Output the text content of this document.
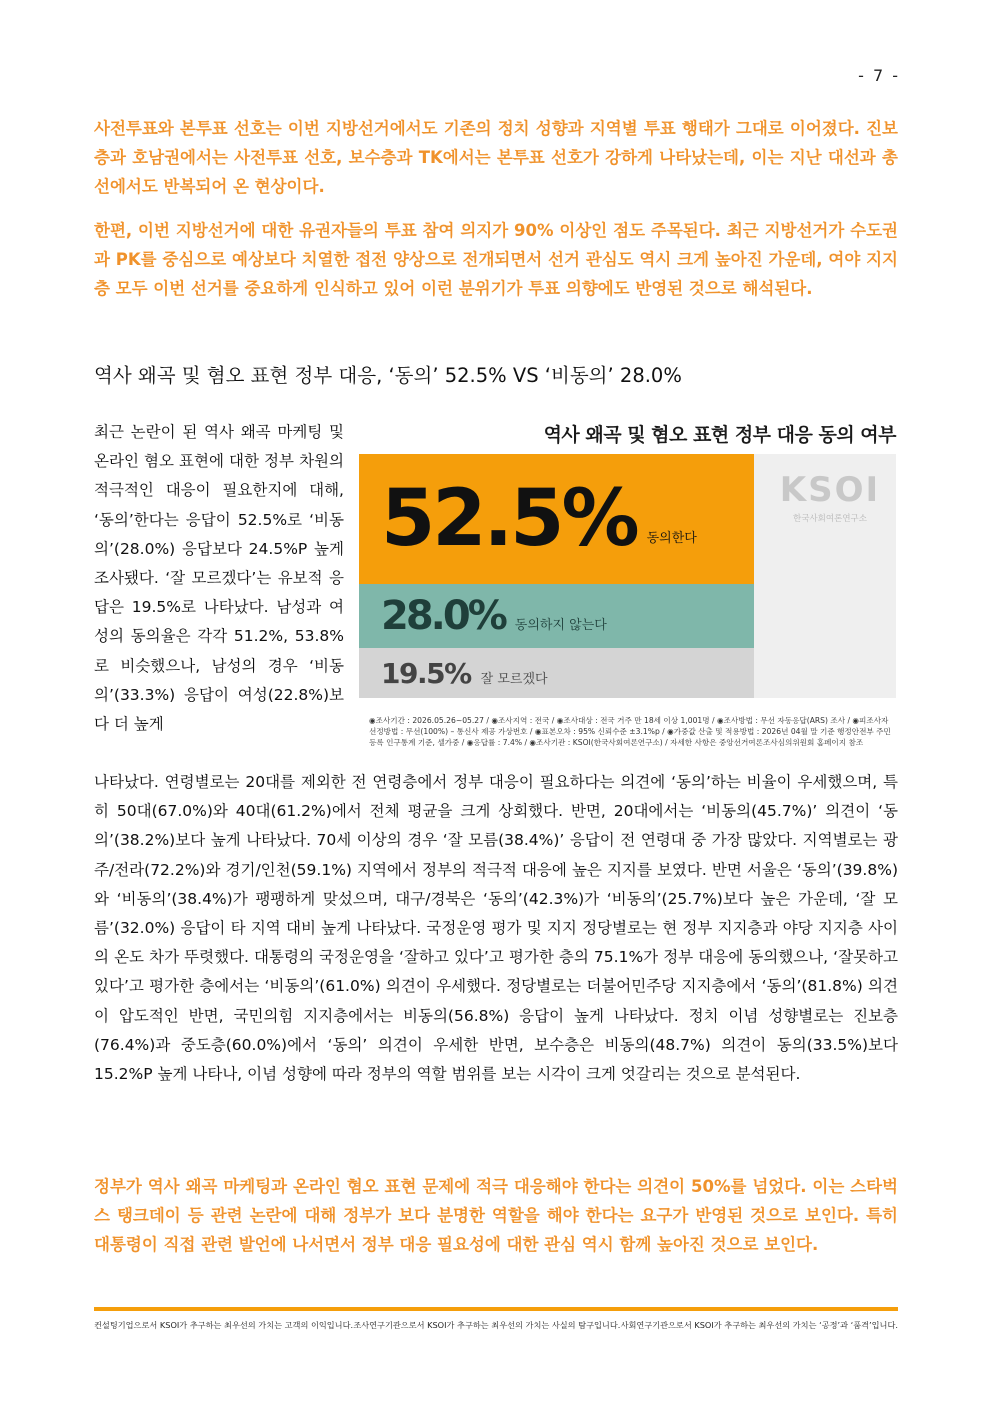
- 7 -

사전투표와 본투표 선호는 이번 지방선거에서도 기존의 정치 성향과 지역별 투표 행태가 그대로 이어졌다. 진보층과 호남권에서는 사전투표 선호, 보수층과 TK에서는 본투표 선호가 강하게 나타났는데, 이는 지난 대선과 총선에서도 반복되어 온 현상이다.

한편, 이번 지방선거에 대한 유권자들의 투표 참여 의지가 90% 이상인 점도 주목된다. 최근 지방선거가 수도권과 PK를 중심으로 예상보다 치열한 접전 양상으로 전개되면서 선거 관심도 역시 크게 높아진 가운데, 여야 지지층 모두 이번 선거를 중요하게 인식하고 있어 이런 분위기가 투표 의향에도 반영된 것으로 해석된다.

역사 왜곡 및 혐오 표현 정부 대응, ‘동의’ 52.5% VS ‘비동의’ 28.0%

최근 논란이 된 역사 왜곡 마케팅 및 온라인 혐오 표현에 대한 정부 차원의 적극적인 대응이 필요한지에 대해, ‘동의’한다는 응답이 52.5%로 ‘비동의’(28.0%) 응답보다 24.5%P 높게 조사됐다. ‘잘 모르겠다’는 유보적 응답은 19.5%로 나타났다. 남성과 여성의 동의율은 각각 51.2%, 53.8%로 비슷했으나, 남성의 경우 ‘비동의’(33.3%) 응답이 여성(22.8%)보다 더 높게

역사 왜곡 및 혐오 표현 정부 대응 동의 여부
52.5% 동의한다
28.0% 동의하지 않는다
19.5% 잘 모르겠다
KSOI
한국사회여론연구소
◉조사기간 : 2026.05.26~05.27 / ◉조사지역 : 전국 / ◉조사대상 : 전국 거주 만 18세 이상 1,001명 / ◉조사방법 : 무선 자동응답(ARS) 조사 / ◉피조사자선정방법 : 무선(100%) – 통신사 제공 가상번호 / ◉표본오차 : 95% 신뢰수준 ±3.1%p / ◉가중값 산출 및 적용방법 : 2026년 04월 말 기준 행정안전부 주민등록 인구통계 기준, 셀가중 / ◉응답률 : 7.4% / ◉조사기관 : KSOI(한국사회여론연구소) / 자세한 사항은 중앙선거여론조사심의위원회 홈페이지 참조

나타났다. 연령별로는 20대를 제외한 전 연령층에서 정부 대응이 필요하다는 의견에 ‘동의’하는 비율이 우세했으며, 특히 50대(67.0%)와 40대(61.2%)에서 전체 평균을 크게 상회했다. 반면, 20대에서는 ‘비동의(45.7%)’ 의견이 ‘동의’(38.2%)보다 높게 나타났다. 70세 이상의 경우 ‘잘 모름(38.4%)’ 응답이 전 연령대 중 가장 많았다. 지역별로는 광주/전라(72.2%)와 경기/인천(59.1%) 지역에서 정부의 적극적 대응에 높은 지지를 보였다. 반면 서울은 ‘동의’(39.8%)와 ‘비동의’(38.4%)가 팽팽하게 맞섰으며, 대구/경북은 ‘동의’(42.3%)가 ‘비동의’(25.7%)보다 높은 가운데, ‘잘 모름’(32.0%) 응답이 타 지역 대비 높게 나타났다. 국정운영 평가 및 지지 정당별로는 현 정부 지지층과 야당 지지층 사이의 온도 차가 뚜렷했다. 대통령의 국정운영을 ‘잘하고 있다’고 평가한 층의 75.1%가 정부 대응에 동의했으나, ‘잘못하고 있다’고 평가한 층에서는 ‘비동의’(61.0%) 의견이 우세했다. 정당별로는 더불어민주당 지지층에서 ‘동의’(81.8%) 의견이 압도적인 반면, 국민의힘 지지층에서는 비동의(56.8%) 응답이 높게 나타났다. 정치 이념 성향별로는 진보층(76.4%)과 중도층(60.0%)에서 ‘동의’ 의견이 우세한 반면, 보수층은 비동의(48.7%) 의견이 동의(33.5%)보다 15.2%P 높게 나타나, 이념 성향에 따라 정부의 역할 범위를 보는 시각이 크게 엇갈리는 것으로 분석된다.

정부가 역사 왜곡 마케팅과 온라인 혐오 표현 문제에 적극 대응해야 한다는 의견이 50%를 넘었다. 이는 스타벅스 탱크데이 등 관련 논란에 대해 정부가 보다 분명한 역할을 해야 한다는 요구가 반영된 것으로 보인다. 특히 대통령이 직접 관련 발언에 나서면서 정부 대응 필요성에 대한 관심 역시 함께 높아진 것으로 보인다.

컨설팅기업으로서 KSOI가 추구하는 최우선의 가치는 고객의 이익입니다. 조사연구기관으로서 KSOI가 추구하는 최우선의 가치는 사실의 탐구입니다. 사회연구기관으로서 KSOI가 추구하는 최우선의 가치는 ‘공정’과 ‘품격’입니다.
